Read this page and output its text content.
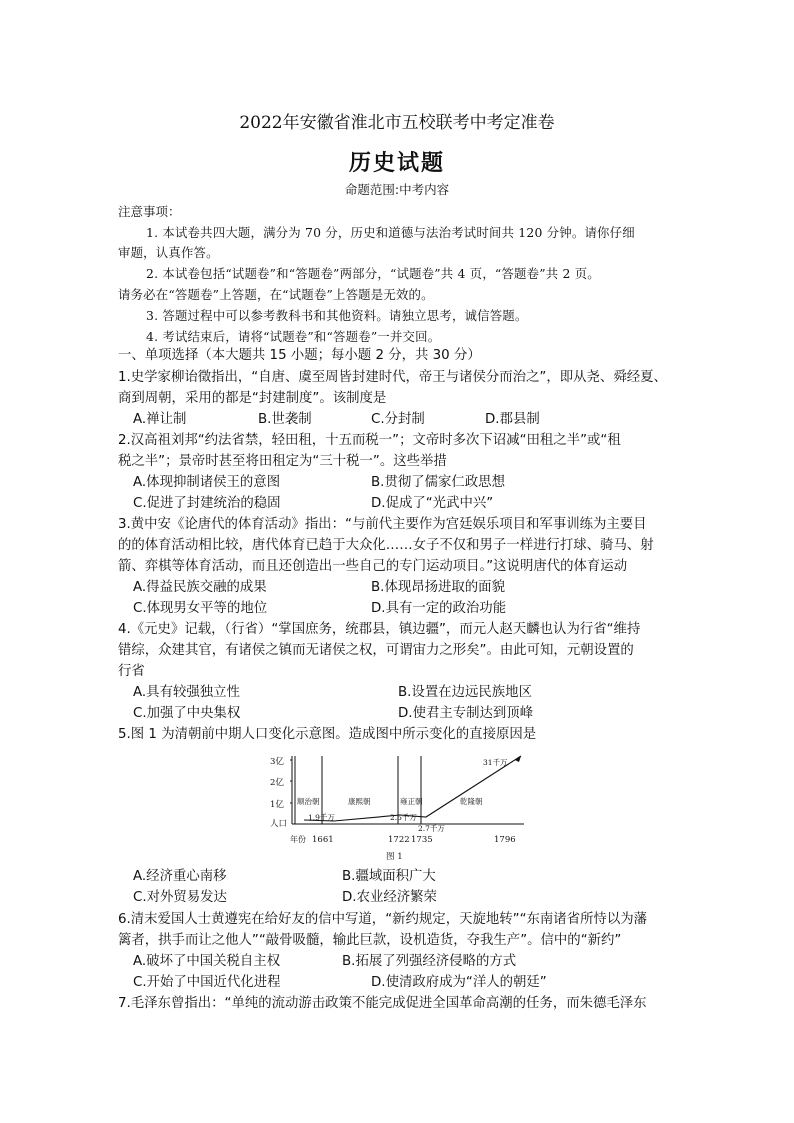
2022年安徽省淮北市五校联考中考定准卷
历史试题
命题范围:中考内容
注意事项：
1. 本试卷共四大题，满分为 70 分，历史和道德与法治考试时间共 120 分钟。请你仔细
审题，认真作答。
2. 本试卷包括“试题卷”和“答题卷”两部分，“试题卷”共 4 页，“答题卷”共 2 页。
请务必在“答题卷”上答题，在“试题卷”上答题是无效的。
3. 答题过程中可以参考教科书和其他资料。请独立思考，诚信答题。
4. 考试结束后，请将“试题卷”和“答题卷”一并交回。
一、单项选择（本大题共 15 小题；每小题 2 分，共 30 分）
1.史学家柳诒徵指出，“自唐、虞至周皆封建时代，帝王与诸侯分而治之”，即从尧、舜经夏、
商到周朝，采用的都是“封建制度”。该制度是
A.禅让制	B.世袭制	C.分封制	D.郡县制
2.汉高祖刘邦“约法省禁，轻田租，十五而税一”；文帝时多次下诏减“田租之半”或“租
税之半”；景帝时甚至将田租定为“三十税一”。这些举措
A.体现抑制诸侯王的意图	B.贯彻了儒家仁政思想
C.促进了封建统治的稳固	D.促成了“光武中兴”
3.黄中安《论唐代的体育活动》指出：“与前代主要作为宫廷娱乐项目和军事训练为主要目
的的体育活动相比较，唐代体育已趋于大众化……女子不仅和男子一样进行打球、骑马、射
箭、弈棋等体育活动，而且还创造出一些自己的专门运动项目。”这说明唐代的体育运动
A.得益民族交融的成果	B.体现昂扬进取的面貌
C.体现男女平等的地位	D.具有一定的政治功能
4.《元史》记载，（行省）“掌国庶务，统郡县，镇边疆”，而元人赵天麟也认为行省“维持
错综，众建其官，有诸侯之镇而无诸侯之权，可谓宙力之形矣”。由此可知，元朝设置的
行省
A.具有较强独立性	B.设置在边远民族地区
C.加强了中央集权	D.使君主专制达到顶峰
5.图 1 为清朝前中期人口变化示意图。造成图中所示变化的直接原因是
3亿
2亿
1亿
人口
顺治朝	康熙朝	雍正朝	乾隆朝
1.9千万	2.5千万
2.7千万
31千万
年份 1661	1722 1735	1796
图 1
A.经济重心南移	B.疆域面积广大
C.对外贸易发达	D.农业经济繁荣
6.清末爱国人士黄遵宪在给好友的信中写道，“新约规定，天旋地转”“东南诸省所恃以为藩
篱者，拱手而让之他人”“敲骨吸髓，输此巨款，设机造货，夺我生产”。信中的“新约”
A.破坏了中国关税自主权	B.拓展了列强经济侵略的方式
C.开始了中国近代化进程	D.使清政府成为“洋人的朝廷”
7.毛泽东曾指出：“单纯的流动游击政策不能完成促进全国革命高潮的任务，而朱德毛泽东
